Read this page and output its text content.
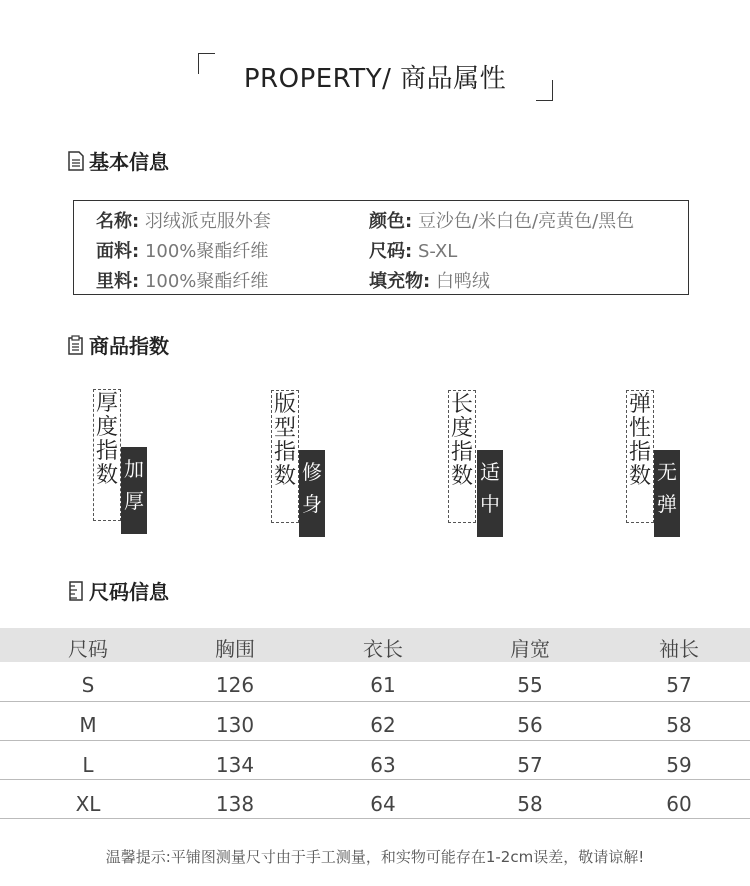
PROPERTY/ 商品属性
基本信息
名称: 羽绒派克服外套
面料: 100%聚酯纤维
里料: 100%聚酯纤维
颜色: 豆沙色/米白色/亮黄色/黑色
尺码: S-XL
填充物: 白鸭绒
商品指数
厚度指数 加厚
版型指数 修身
长度指数 适中
弹性指数 无弹
尺码信息
尺码	胸围	衣长	肩宽	袖长
S	126	61	55	57
M	130	62	56	58
L	134	63	57	59
XL	138	64	58	60
温馨提示:平铺图测量尺寸由于手工测量，和实物可能存在1-2cm误差，敬请谅解!
